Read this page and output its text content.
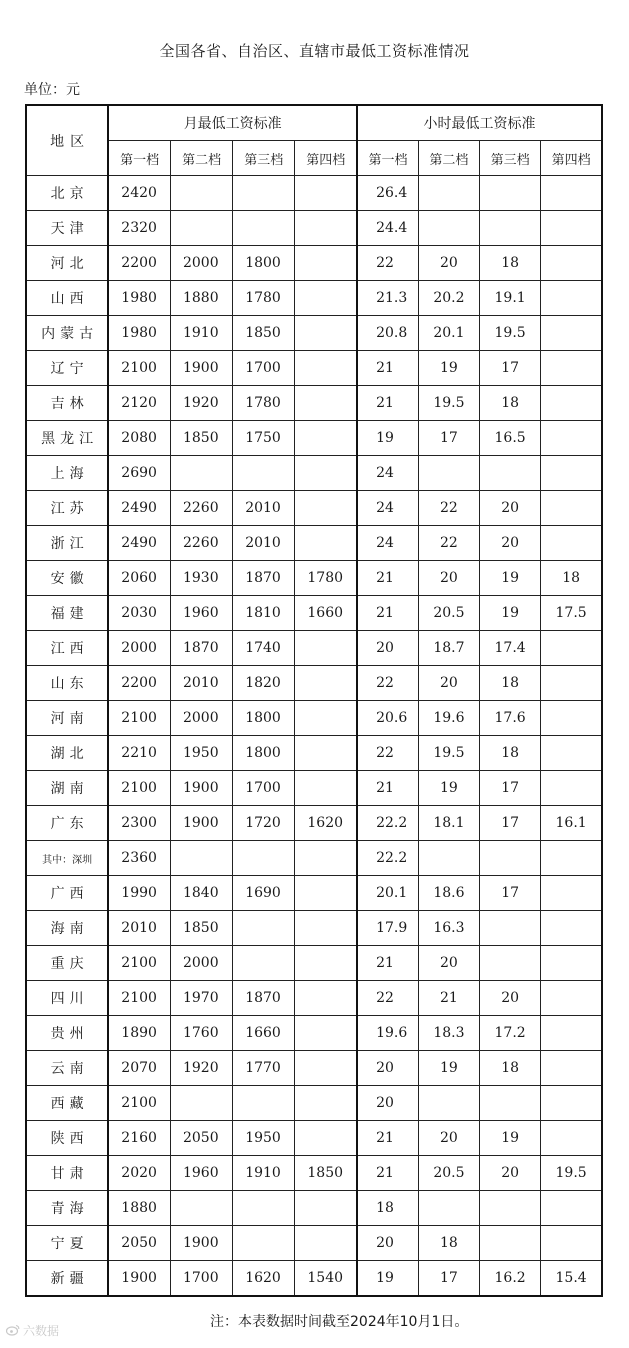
全国各省、自治区、直辖市最低工资标准情况
单位：元
地区	月最低工资标准				小时最低工资标准			
	第一档	第二档	第三档	第四档	第一档	第二档	第三档	第四档
北京	2420				26.4			
天津	2320				24.4			
河北	2200	2000	1800		22	20	18	
山西	1980	1880	1780		21.3	20.2	19.1	
内蒙古	1980	1910	1850		20.8	20.1	19.5	
辽宁	2100	1900	1700		21	19	17	
吉林	2120	1920	1780		21	19.5	18	
黑龙江	2080	1850	1750		19	17	16.5	
上海	2690				24			
江苏	2490	2260	2010		24	22	20	
浙江	2490	2260	2010		24	22	20	
安徽	2060	1930	1870	1780	21	20	19	18
福建	2030	1960	1810	1660	21	20.5	19	17.5
江西	2000	1870	1740		20	18.7	17.4	
山东	2200	2010	1820		22	20	18	
河南	2100	2000	1800		20.6	19.6	17.6	
湖北	2210	1950	1800		22	19.5	18	
湖南	2100	1900	1700		21	19	17	
广东	2300	1900	1720	1620	22.2	18.1	17	16.1
其中：深圳	2360				22.2			
广西	1990	1840	1690		20.1	18.6	17	
海南	2010	1850			17.9	16.3		
重庆	2100	2000			21	20		
四川	2100	1970	1870		22	21	20	
贵州	1890	1760	1660		19.6	18.3	17.2	
云南	2070	1920	1770		20	19	18	
西藏	2100				20			
陕西	2160	2050	1950		21	20	19	
甘肃	2020	1960	1910	1850	21	20.5	20	19.5
青海	1880				18			
宁夏	2050	1900			20	18		
新疆	1900	1700	1620	1540	19	17	16.2	15.4
注：本表数据时间截至2024年10月1日。
六数据
